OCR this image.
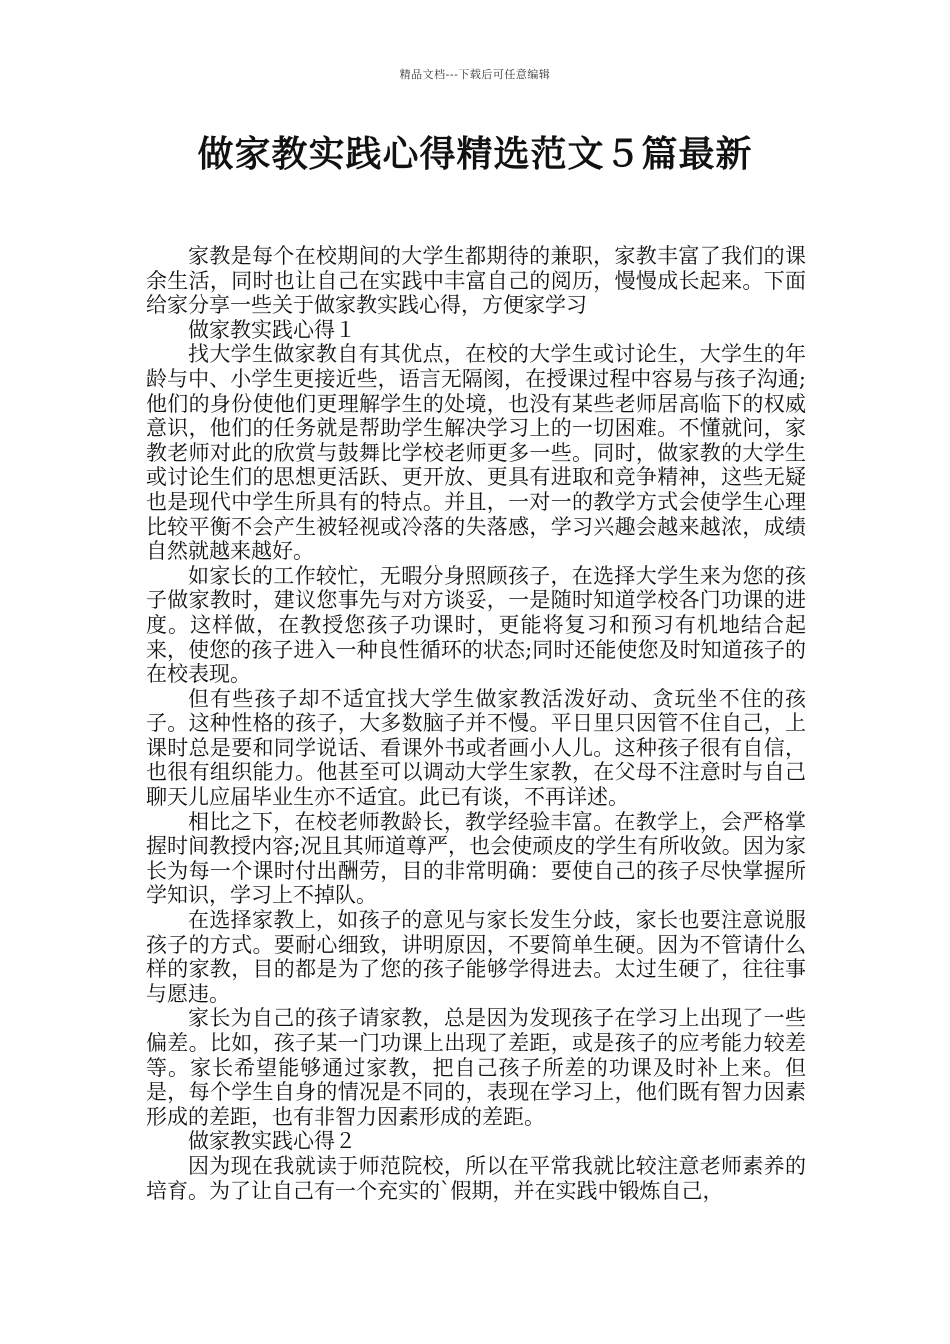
精品文档---下载后可任意编辑
做家教实践心得精选范文５篇最新

家教是每个在校期间的大学生都期待的兼职，家教丰富了我们的课余生活，同时也让自己在实践中丰富自己的阅历，慢慢成长起来。下面给家分享一些关于做家教实践心得，方便家学习

做家教实践心得１

找大学生做家教自有其优点，在校的大学生或讨论生，大学生的年龄与中、小学生更接近些，语言无隔阂，在授课过程中容易与孩子沟通;他们的身份使他们更理解学生的处境，也没有某些老师居高临下的权威意识，他们的任务就是帮助学生解决学习上的一切困难。不懂就问，家教老师对此的欣赏与鼓舞比学校老师更多一些。同时，做家教的大学生或讨论生们的思想更活跃、更开放、更具有进取和竞争精神，这些无疑也是现代中学生所具有的特点。并且，一对一的教学方式会使学生心理比较平衡不会产生被轻视或冷落的失落感，学习兴趣会越来越浓，成绩自然就越来越好。

如家长的工作较忙，无暇分身照顾孩子，在选择大学生来为您的孩子做家教时，建议您事先与对方谈妥，一是随时知道学校各门功课的进度。这样做，在教授您孩子功课时，更能将复习和预习有机地结合起来，使您的孩子进入一种良性循环的状态;同时还能使您及时知道孩子的在校表现。

但有些孩子却不适宜找大学生做家教活泼好动、贪玩坐不住的孩子。这种性格的孩子，大多数脑子并不慢。平日里只因管不住自己，上课时总是要和同学说话、看课外书或者画小人儿。这种孩子很有自信，也很有组织能力。他甚至可以调动大学生家教，在父母不注意时与自己聊天儿应届毕业生亦不适宜。此已有谈，不再详述。

相比之下，在校老师教龄长，教学经验丰富。在教学上，会严格掌握时间教授内容;况且其师道尊严，也会使顽皮的学生有所收敛。因为家长为每一个课时付出酬劳，目的非常明确：要使自己的孩子尽快掌握所学知识，学习上不掉队。

在选择家教上，如孩子的意见与家长发生分歧，家长也要注意说服孩子的方式。要耐心细致，讲明原因，不要简单生硬。因为不管请什么样的家教，目的都是为了您的孩子能够学得进去。太过生硬了，往往事与愿违。

家长为自己的孩子请家教，总是因为发现孩子在学习上出现了一些偏差。比如，孩子某一门功课上出现了差距，或是孩子的应考能力较差等。家长希望能够通过家教，把自己孩子所差的功课及时补上来。但是，每个学生自身的情况是不同的，表现在学习上，他们既有智力因素形成的差距，也有非智力因素形成的差距。

做家教实践心得２

因为现在我就读于师范院校，所以在平常我就比较注意老师素养的培育。为了让自己有一个充实的`假期，并在实践中锻炼自己，
